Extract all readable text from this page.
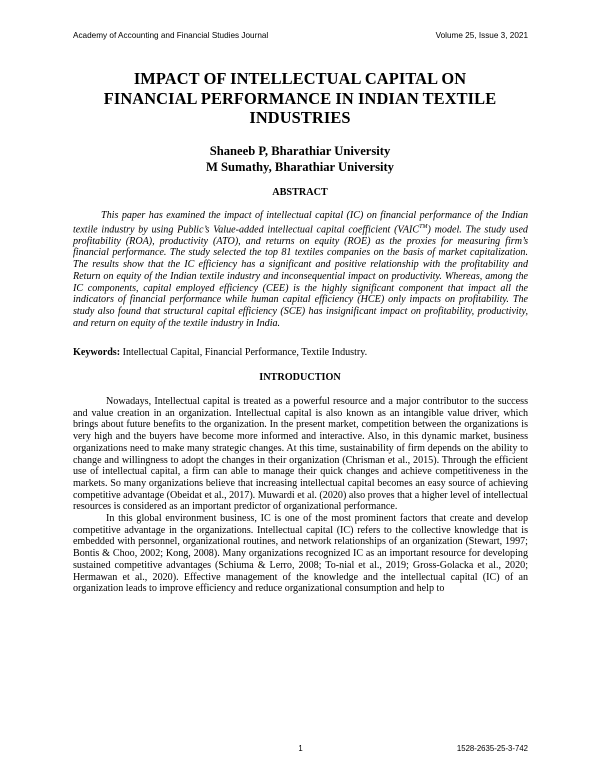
Academy of Accounting and Financial Studies Journal	Volume 25, Issue 3, 2021
IMPACT OF INTELLECTUAL CAPITAL ON
FINANCIAL PERFORMANCE IN INDIAN TEXTILE
INDUSTRIES
Shaneeb P, Bharathiar University
M Sumathy, Bharathiar University
ABSTRACT
This paper has examined the impact of intellectual capital (IC) on financial performance of the Indian textile industry by using Public’s Value-added intellectual capital coefficient (VAIC™) model. The study used profitability (ROA), productivity (ATO), and returns on equity (ROE) as the proxies for measuring firm’s financial performance. The study selected the top 81 textiles companies on the basis of market capitalization. The results show that the IC efficiency has a significant and positive relationship with the profitability and Return on equity of the Indian textile industry and inconsequential impact on productivity. Whereas, among the IC components, capital employed efficiency (CEE) is the highly significant component that impact all the indicators of financial performance while human capital efficiency (HCE) only impacts on profitability. The study also found that structural capital efficiency (SCE) has insignificant impact on profitability, productivity, and return on equity of the textile industry in India.
Keywords: Intellectual Capital, Financial Performance, Textile Industry.
INTRODUCTION

Nowadays, Intellectual capital is treated as a powerful resource and a major contributor to the success and value creation in an organization. Intellectual capital is also known as an intangible value driver, which brings about future benefits to the organization. In the present market, competition between the organizations is very high and the buyers have become more informed and interactive. Also, in this dynamic market, business organizations need to make many strategic changes. At this time, sustainability of firm depends on the ability to change and willingness to adopt the changes in their organization (Chrisman et al., 2015). Through the efficient use of intellectual capital, a firm can able to manage their quick changes and achieve competitiveness in the markets. So many organizations believe that increasing intellectual capital becomes an easy source of achieving competitive advantage (Obeidat et al., 2017). Muwardi et al. (2020) also proves that a higher level of intellectual resources is considered as an important predictor of organizational performance.

In this global environment business, IC is one of the most prominent factors that create and develop competitive advantage in the organizations. Intellectual capital (IC) refers to the collective knowledge that is embedded with personnel, organizational routines, and network relationships of an organization (Stewart, 1997; Bontis & Choo, 2002; Kong, 2008). Many organizations recognized IC as an important resource for developing sustained competitive advantages (Schiuma & Lerro, 2008; To-nial et al., 2019; Gross-Golacka et al., 2020; Hermawan et al., 2020). Effective management of the knowledge and the intellectual capital (IC) of an organization leads to improve efficiency and reduce organizational consumption and help to

1	1528-2635-25-3-742
